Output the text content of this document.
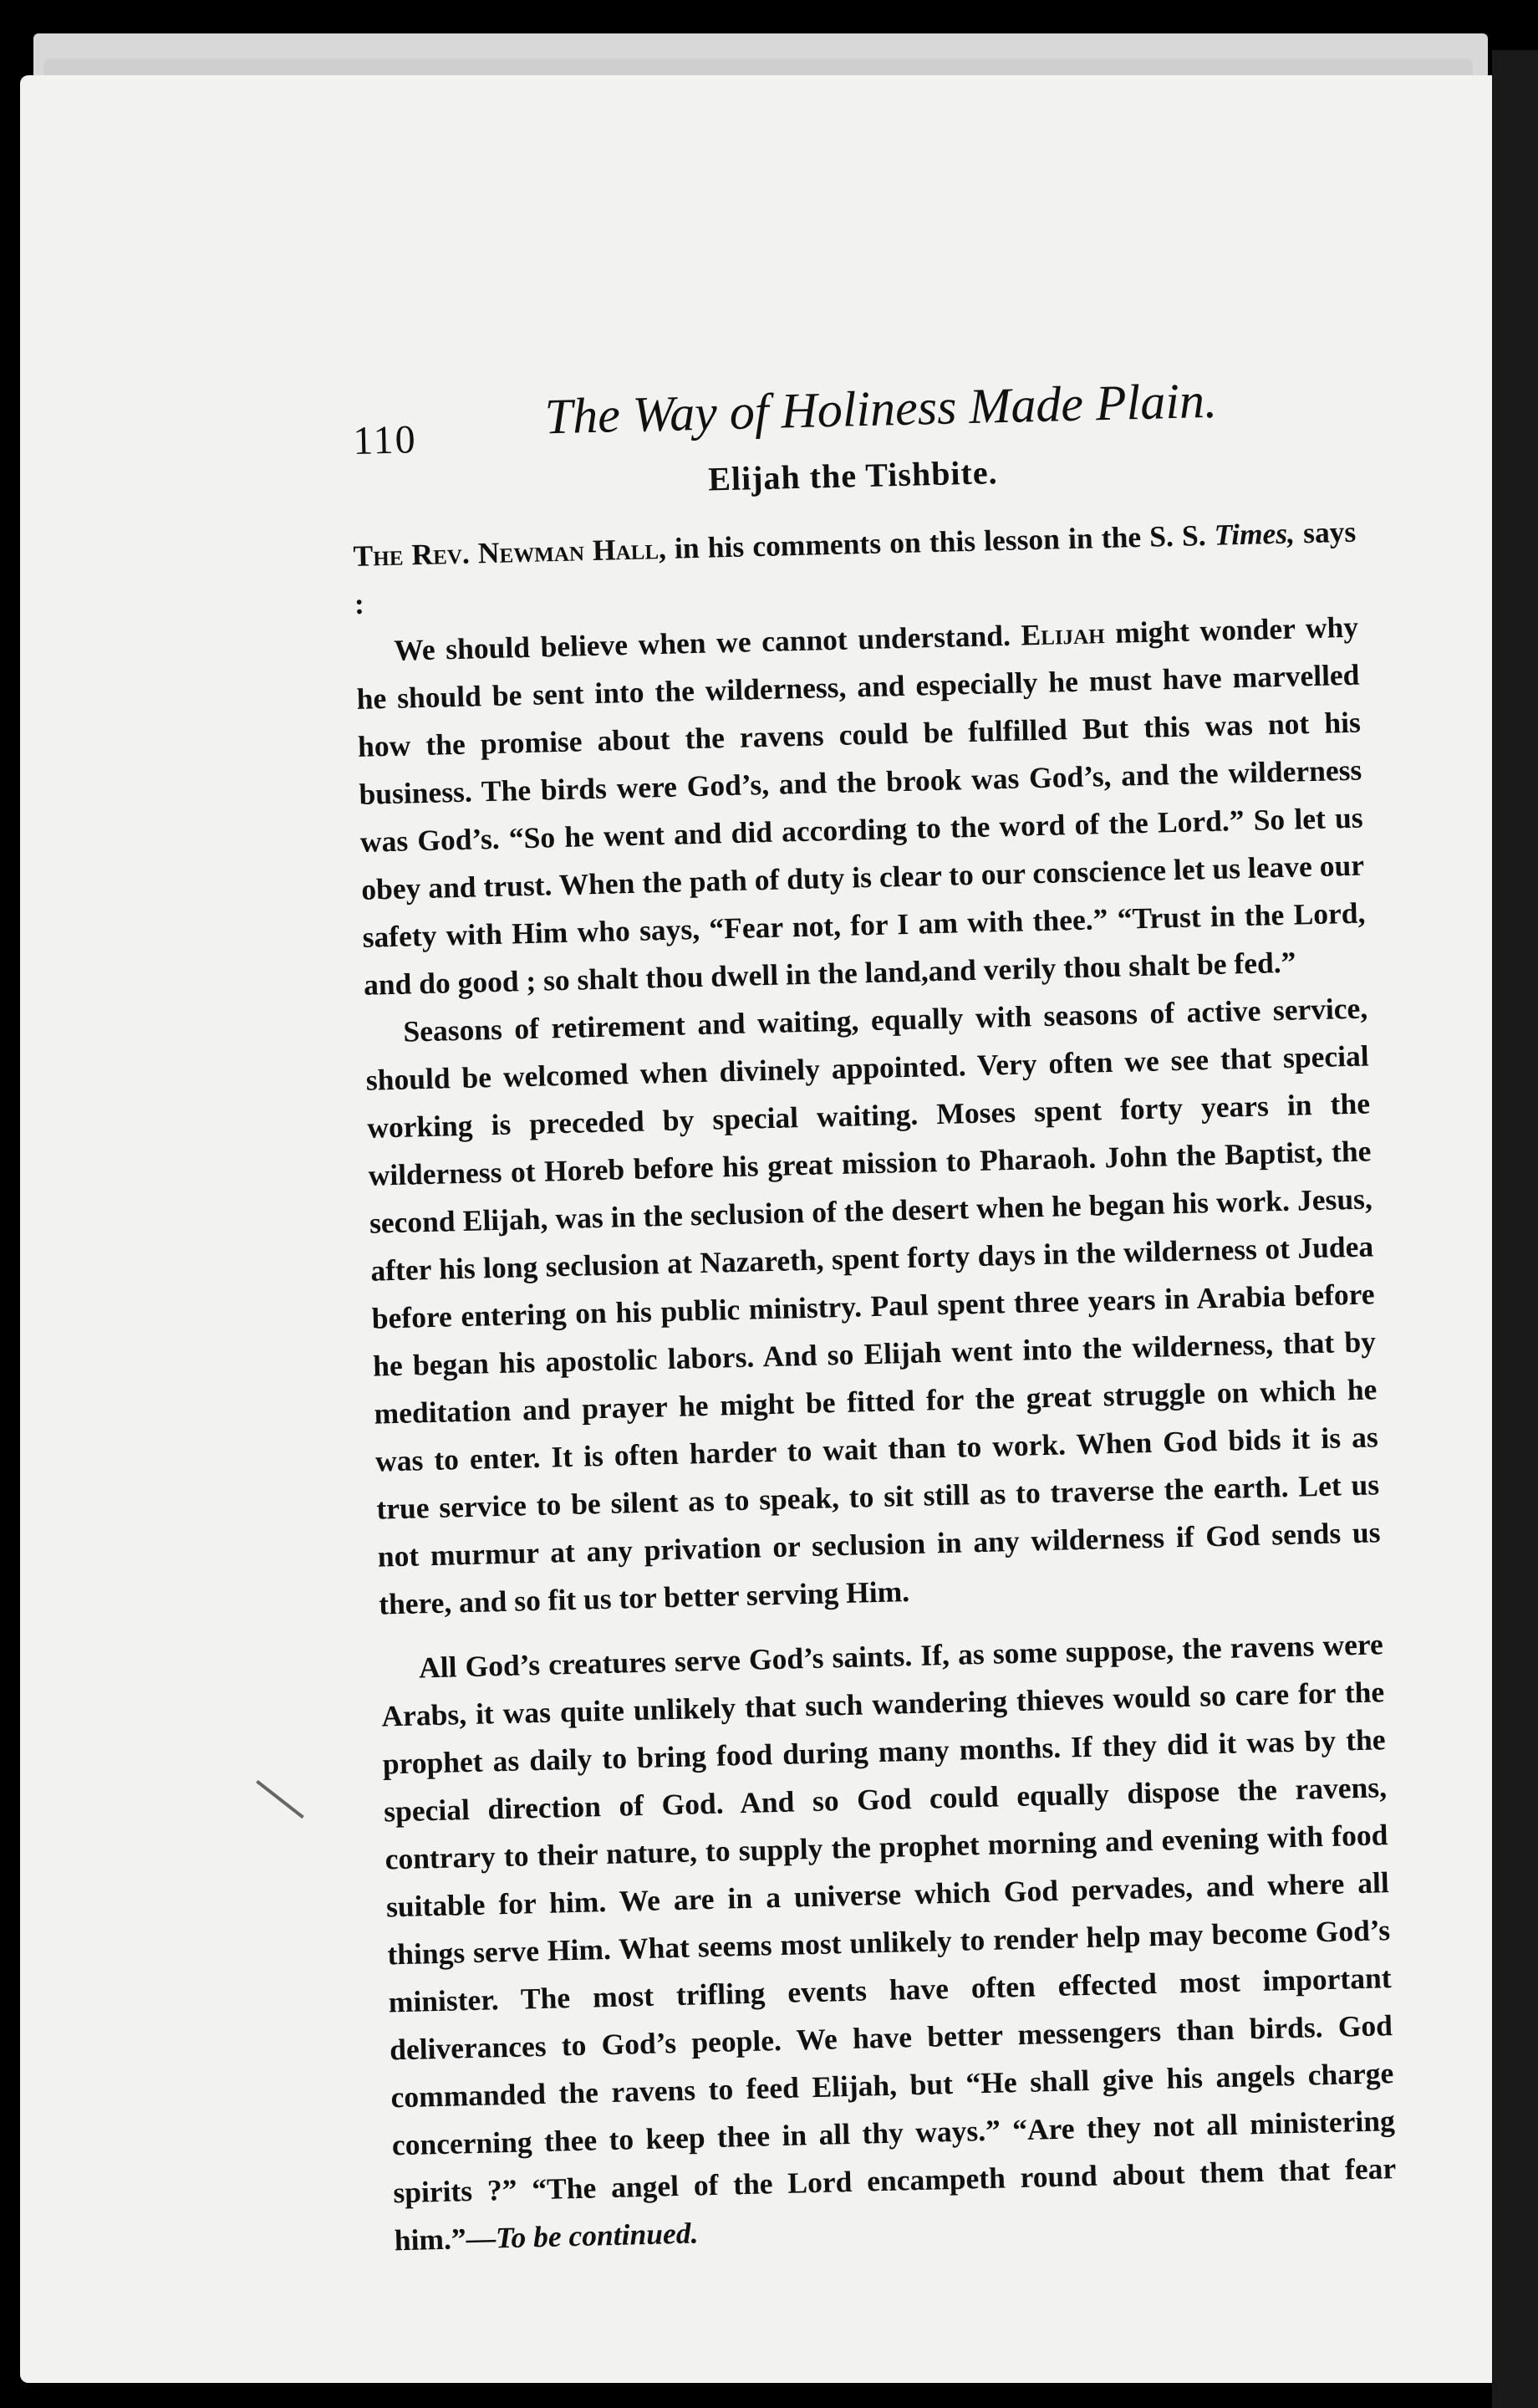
110	The Way of Holiness Made Plain.
Elijah the Tishbite.

The Rev. Newman Hall, in his comments on this lesson in the S. S. Times, says :

We should believe when we cannot understand. Elijah might wonder why he should be sent into the wilderness, and especially he must have marvelled how the promise about the ravens could be fulfilled But this was not his business. The birds were God’s, and the brook was God’s, and the wilderness was God’s. “So he went and did according to the word of the Lord.” So let us obey and trust. When the path of duty is clear to our conscience let us leave our safety with Him who says, “Fear not, for I am with thee.” “Trust in the Lord, and do good ; so shalt thou dwell in the land,and verily thou shalt be fed.”

Seasons of retirement and waiting, equally with seasons of active service, should be welcomed when divinely appointed. Very often we see that special working is preceded by special waiting. Moses spent forty years in the wilderness ot Horeb before his great mission to Pharaoh. John the Baptist, the second Elijah, was in the seclusion of the desert when he began his work. Jesus, after his long seclusion at Nazareth, spent forty days in the wilderness ot Judea before entering on his public ministry. Paul spent three years in Arabia before he began his apostolic labors. And so Elijah went into the wilderness, that by meditation and prayer he might be fitted for the great struggle on which he was to enter. It is often harder to wait than to work. When God bids it is as true service to be silent as to speak, to sit still as to traverse the earth. Let us not murmur at any privation or seclusion in any wilderness if God sends us there, and so fit us tor better serving Him.

All God’s creatures serve God’s saints. If, as some suppose, the ravens were Arabs, it was quite unlikely that such wandering thieves would so care for the prophet as daily to bring food during many months. If they did it was by the special direction of God. And so God could equally dispose the ravens, contrary to their nature, to supply the prophet morning and evening with food suitable for him. We are in a universe which God pervades, and where all things serve Him. What seems most unlikely to render help may become God’s minister. The most trifling events have often effected most important deliverances to God’s people. We have better messengers than birds. God commanded the ravens to feed Elijah, but “He shall give his angels charge concerning thee to keep thee in all thy ways.” “Are they not all ministering spirits ?” “The angel of the Lord encampeth round about them that fear him.”—To be continued.
